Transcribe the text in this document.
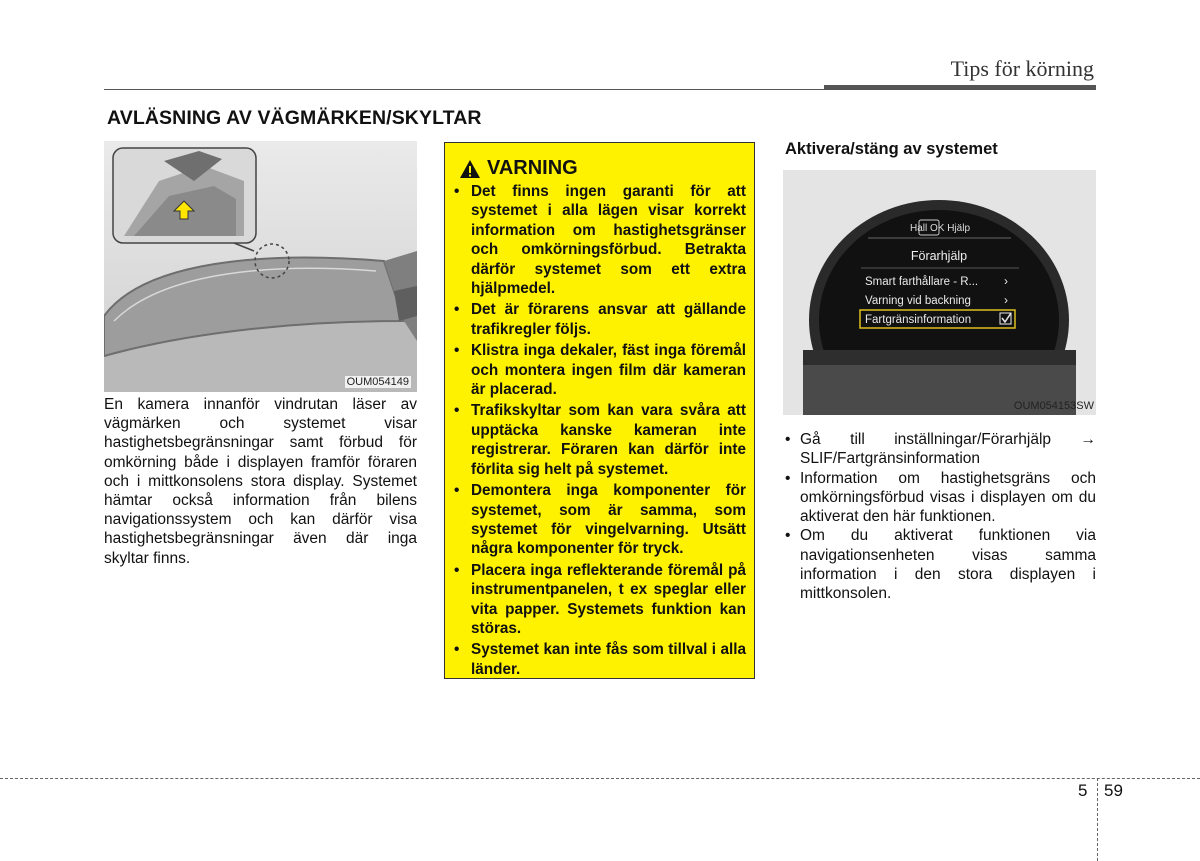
Tips för körning
AVLÄSNING AV VÄGMÄRKEN/SKYLTAR
OUM054149
En kamera innanför vindrutan läser av vägmärken och systemet visar hastighetsbegränsningar samt förbud för omkörning både i displayen framför föraren och i mittkonsolens stora display. Systemet hämtar också information från bilens navigationssystem och kan därför visa hastighetsbegränsningar även där inga skyltar finns.
VARNING
• Det finns ingen garanti för att systemet i alla lägen visar korrekt information om hastighetsgränser och omkörningsförbud. Betrakta därför systemet som ett extra hjälpmedel.
• Det är förarens ansvar att gällande trafikregler följs.
• Klistra inga dekaler, fäst inga föremål och montera ingen film där kameran är placerad.
• Trafikskyltar som kan vara svåra att upptäcka kanske kameran inte registrerar. Föraren kan därför inte förlita sig helt på systemet.
• Demontera inga komponenter för systemet, som är samma, som systemet för vingelvarning. Utsätt några komponenter för tryck.
• Placera inga reflekterande föremål på instrumentpanelen, t ex speglar eller vita papper. Systemets funktion kan störas.
• Systemet kan inte fås som tillval i alla länder.
Aktivera/stäng av systemet
Hall OK Hjälp
Förarhjälp
Smart farthållare - R... ›
Varning vid backning	›
Fartgränsinformation
OUM054153SW
• Gå till inställningar/Förarhjälp → SLIF/Fartgränsinformation
• Information om hastighetsgräns och omkörningsförbud visas i displayen om du aktiverat den här funktionen.
• Om du aktiverat funktionen via navigationsenheten visas samma information i den stora displayen i mittkonsolen.
5 59
